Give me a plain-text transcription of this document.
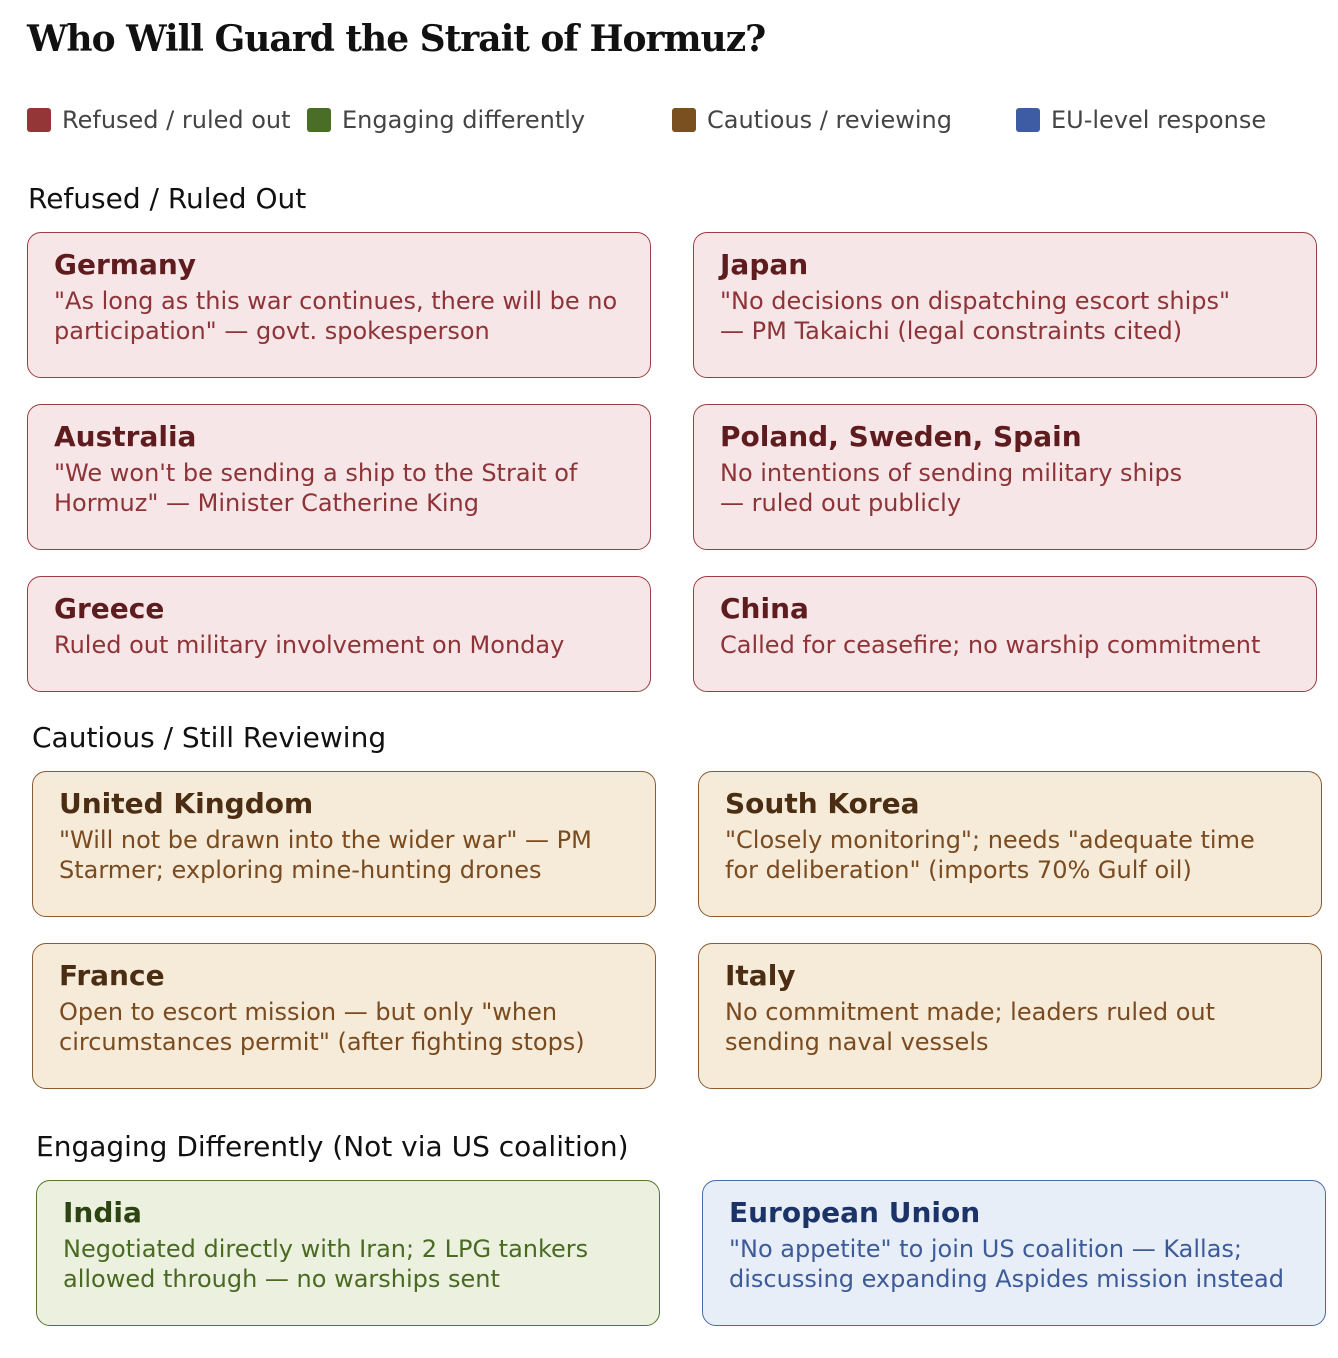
Who Will Guard the Strait of Hormuz?
Refused / ruled out Engaging differently	Cautious / reviewing	EU-level response
Refused / Ruled Out
Germany
"As long as this war continues, there will be no
participation" — govt. spokesperson
Japan
"No decisions on dispatching escort ships"
— PM Takaichi (legal constraints cited)
Australia
"We won't be sending a ship to the Strait of
Hormuz" — Minister Catherine King
Poland, Sweden, Spain
No intentions of sending military ships
— ruled out publicly
Greece
Ruled out military involvement on Monday
China
Called for ceasefire; no warship commitment
Cautious / Still Reviewing
United Kingdom
"Will not be drawn into the wider war" — PM
Starmer; exploring mine-hunting drones
South Korea
"Closely monitoring"; needs "adequate time
for deliberation" (imports 70% Gulf oil)
France
Open to escort mission — but only "when
circumstances permit" (after fighting stops)
Italy
No commitment made; leaders ruled out
sending naval vessels
Engaging Differently (Not via US coalition)
India
Negotiated directly with Iran; 2 LPG tankers
allowed through — no warships sent
European Union
"No appetite" to join US coalition — Kallas;
discussing expanding Aspides mission instead
